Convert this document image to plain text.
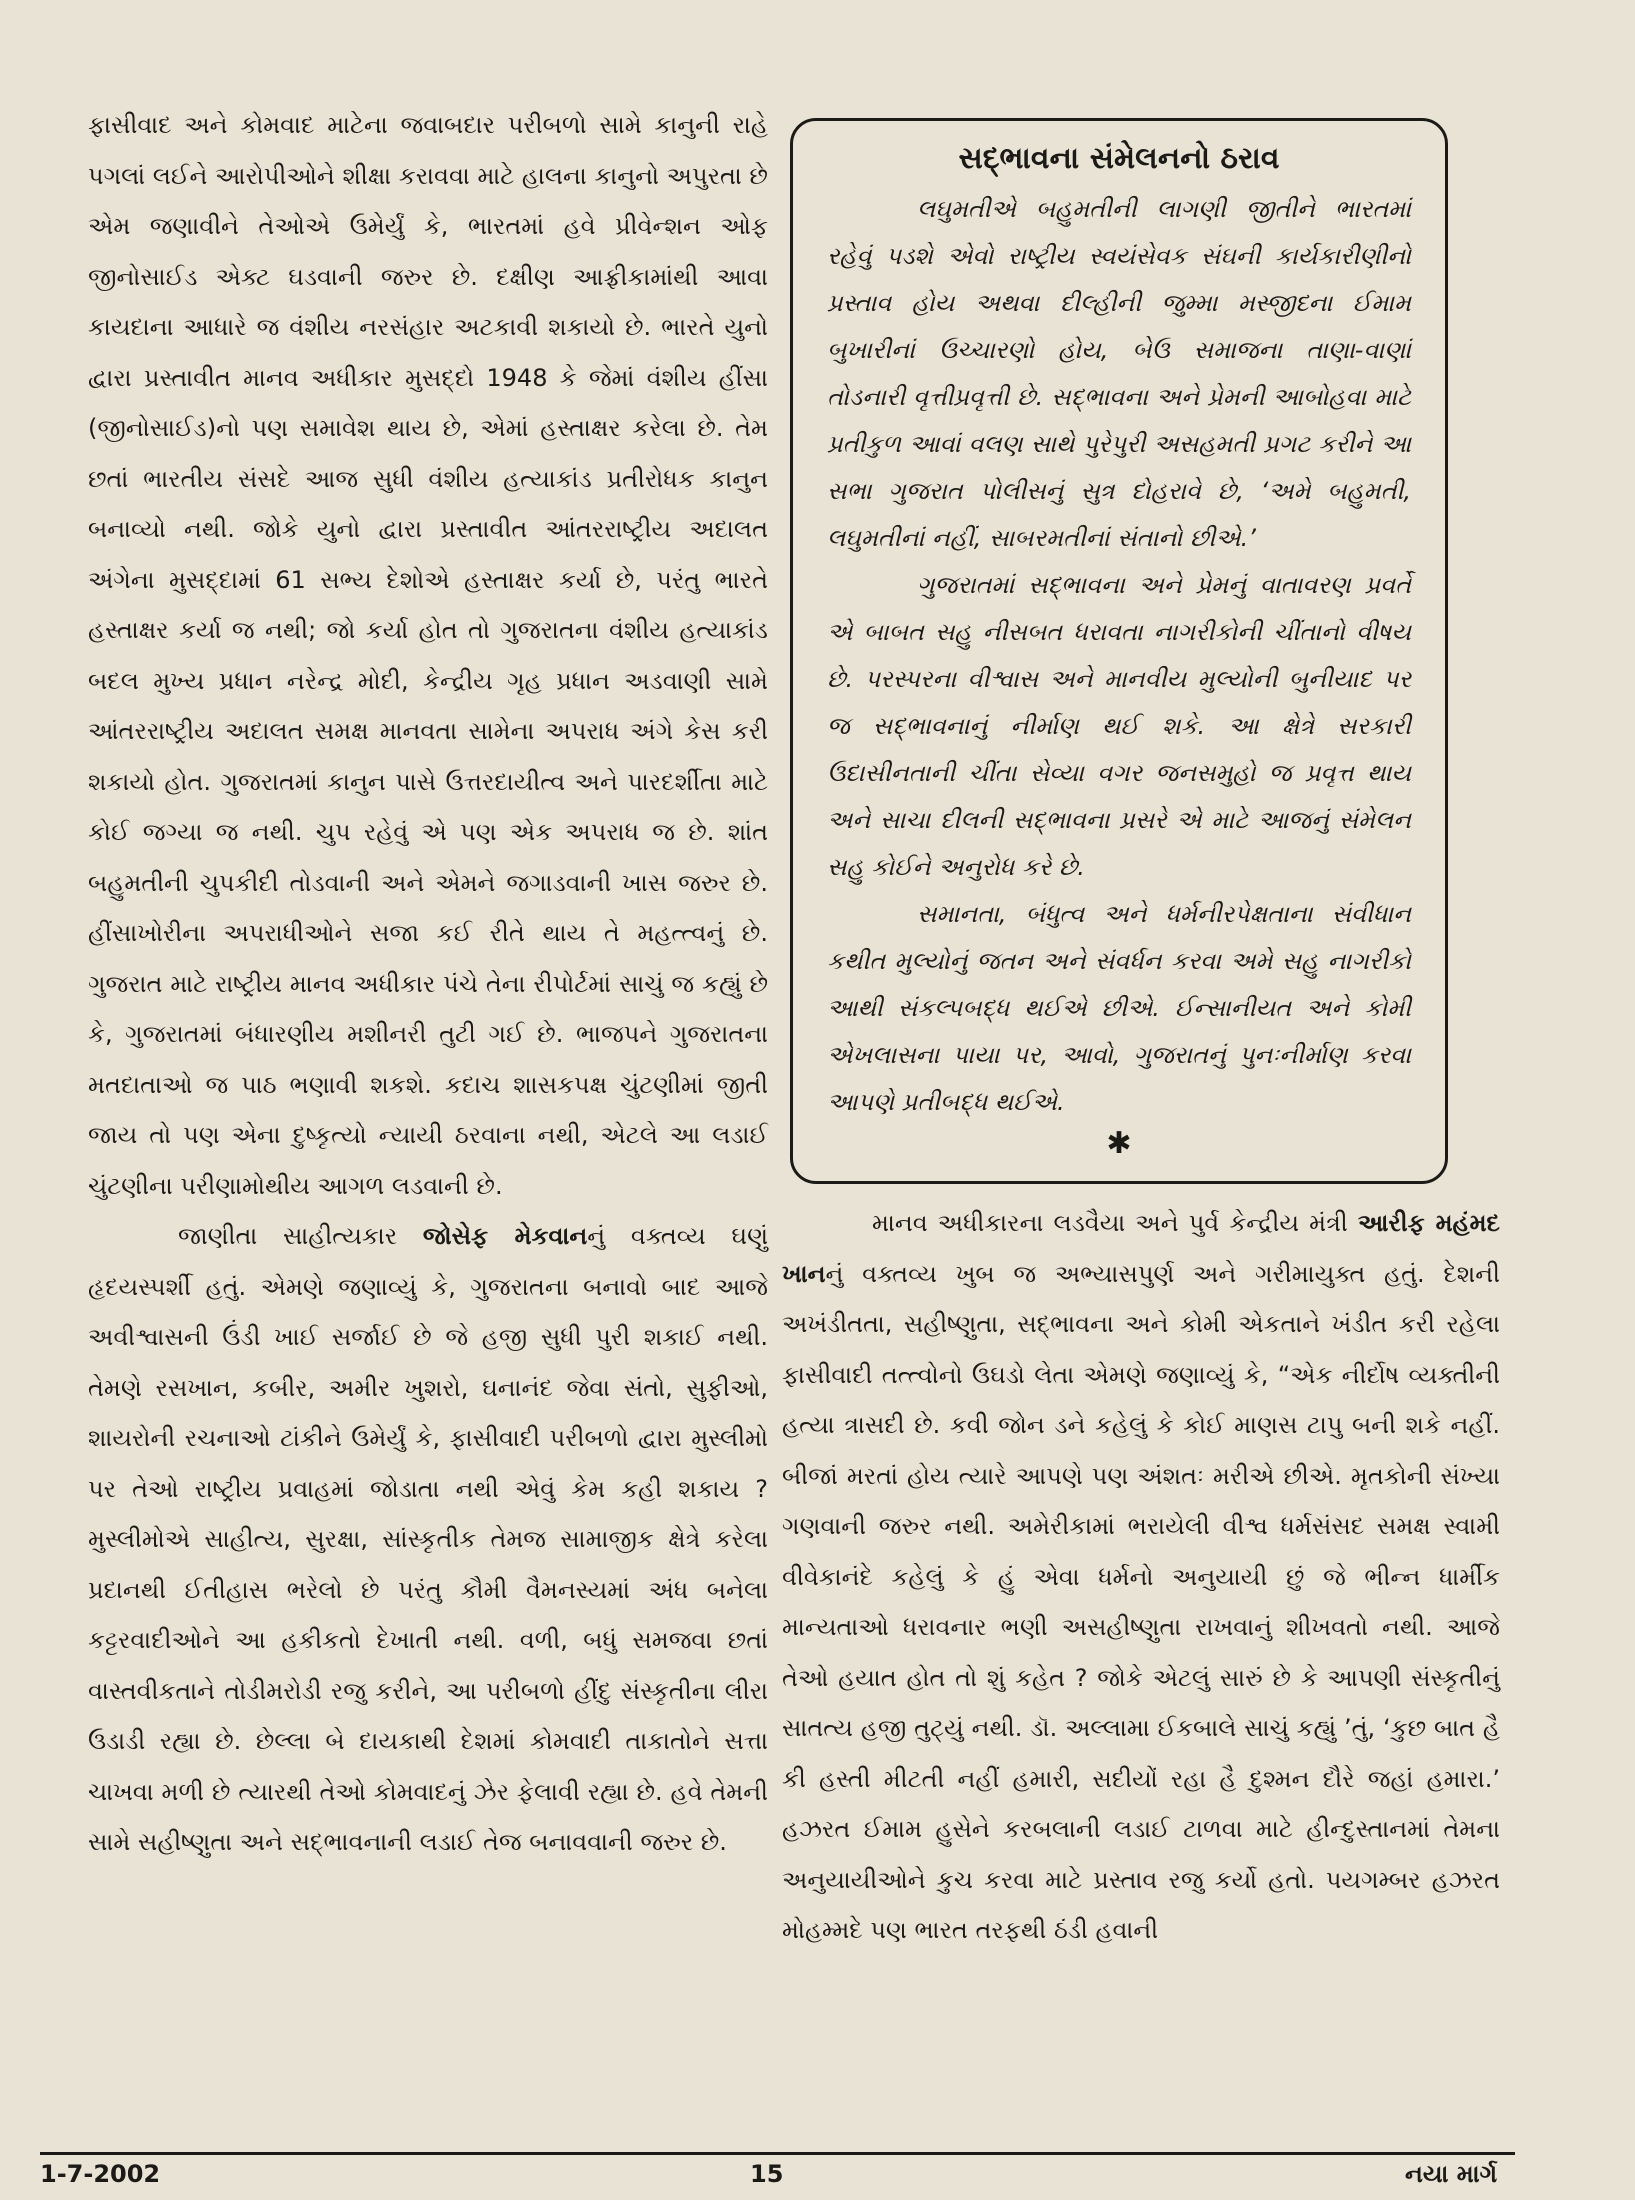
ફાસીવાદ અને કોમવાદ માટેના જવાબદાર પરીબળો સામે કાનુની રાહે પગલાં લઈને આરોપીઓને શીક્ષા કરાવવા માટે હાલના કાનુનો અપુરતા છે એમ જણાવીને તેઓએ ઉમેર્યું કે, ભારતમાં હવે પ્રીવેન્શન ઓફ જીનોસાઈડ એક્ટ ઘડવાની જરુર છે. દક્ષીણ આફ્રીકામાંથી આવા કાયદાના આધારે જ વંશીય નરસંહાર અટકાવી શકાયો છે. ભારતે યુનો દ્વારા પ્રસ્તાવીત માનવ અધીકાર મુસદ્દો 1948 કે જેમાં વંશીય હીંસા (જીનોસાઈડ)નો પણ સમાવેશ થાય છે, એમાં હસ્તાક્ષર કરેલા છે. તેમ છતાં ભારતીય સંસદે આજ સુધી વંશીય હત્યાકાંડ પ્રતીરોધક કાનુન બનાવ્યો નથી. જોકે યુનો દ્વારા પ્રસ્તાવીત આંતરરાષ્ટ્રીય અદાલત અંગેના મુસદ્દામાં 61 સભ્ય દેશોએ હસ્તાક્ષર કર્યા છે, પરંતુ ભારતે હસ્તાક્ષર કર્યા જ નથી; જો કર્યા હોત તો ગુજરાતના વંશીય હત્યાકાંડ બદલ મુખ્ય પ્રધાન નરેન્દ્ર મોદી, કેન્દ્રીય ગૃહ પ્રધાન અડવાણી સામે આંતરરાષ્ટ્રીય અદાલત સમક્ષ માનવતા સામેના અપરાધ અંગે કેસ કરી શકાયો હોત. ગુજરાતમાં કાનુન પાસે ઉત્તરદાયીત્વ અને પારદર્શીતા માટે કોઈ જગ્યા જ નથી. ચુપ રહેવું એ પણ એક અપરાધ જ છે. શાંત બહુમતીની ચુપકીદી તોડવાની અને એમને જગાડવાની ખાસ જરુર છે. હીંસાખોરીના અપરાધીઓને સજા કઈ રીતે થાય તે મહત્ત્વનું છે. ગુજરાત માટે રાષ્ટ્રીય માનવ અધીકાર પંચે તેના રીપોર્ટમાં સાચું જ કહ્યું છે કે, ગુજરાતમાં બંધારણીય મશીનરી તુટી ગઈ છે. ભાજપને ગુજરાતના મતદાતાઓ જ પાઠ ભણાવી શકશે. કદાચ શાસકપક્ષ ચુંટણીમાં જીતી જાય તો પણ એના દુષ્કૃત્યો ન્યાયી ઠરવાના નથી, એટલે આ લડાઈ ચુંટણીના પરીણામોથીય આગળ લડવાની છે.

જાણીતા સાહીત્યકાર જોસેફ મેકવાનનું વક્તવ્ય ઘણું હૃદયસ્પર્શી હતું. એમણે જણાવ્યું કે, ગુજરાતના બનાવો બાદ આજે અવીશ્વાસની ઉંડી ખાઈ સર્જાઈ છે જે હજી સુધી પુરી શકાઈ નથી. તેમણે રસખાન, કબીર, અમીર ખુશરો, ઘનાનંદ જેવા સંતો, સુફીઓ, શાયરોની રચનાઓ ટાંકીને ઉમેર્યું કે, ફાસીવાદી પરીબળો દ્વારા મુસ્લીમો પર તેઓ રાષ્ટ્રીય પ્રવાહમાં જોડાતા નથી એવું કેમ કહી શકાય ? મુસ્લીમોએ સાહીત્ય, સુરક્ષા, સાંસ્કૃતીક તેમજ સામાજીક ક્ષેત્રે કરેલા પ્રદાનથી ઈતીહાસ ભરેલો છે પરંતુ કૌમી વૈમનસ્યમાં અંધ બનેલા કટ્ટરવાદીઓને આ હકીકતો દેખાતી નથી. વળી, બધું સમજવા છતાં વાસ્તવીકતાને તોડીમરોડી રજુ કરીને, આ પરીબળો હીંદુ સંસ્કૃતીના લીરા ઉડાડી રહ્યા છે. છેલ્લા બે દાયકાથી દેશમાં કોમવાદી તાકાતોને સત્તા ચાખવા મળી છે ત્યારથી તેઓ કોમવાદનું ઝેર ફેલાવી રહ્યા છે. હવે તેમની સામે સહીષ્ણુતા અને સદ્ભાવનાની લડાઈ તેજ બનાવવાની જરુર છે.

સદ્ભાવના સંમેલનનો ઠરાવ

લઘુમતીએ બહુમતીની લાગણી જીતીને ભારતમાં રહેવું પડશે એવો રાષ્ટ્રીય સ્વયંસેવક સંઘની કાર્યકારીણીનો પ્રસ્તાવ હોય અથવા દીલ્હીની જુમ્મા મસ્જીદના ઈમામ બુખારીનાં ઉચ્ચારણો હોય, બેઉ સમાજના તાણા-વાણાં તોડનારી વૃત્તીપ્રવૃત્તી છે. સદ્ભાવના અને પ્રેમની આબોહવા માટે પ્રતીકુળ આવાં વલણ સાથે પુરેપુરી અસહમતી પ્રગટ કરીને આ સભા ગુજરાત પોલીસનું સુત્ર દોહરાવે છે, ‘અમે બહુમતી, લઘુમતીનાં નહીં, સાબરમતીનાં સંતાનો છીએ.’

ગુજરાતમાં સદ્ભાવના અને પ્રેમનું વાતાવરણ પ્રવર્તે એ બાબત સહુ નીસબત ધરાવતા નાગરીકોની ચીંતાનો વીષય છે. પરસ્પરના વીશ્વાસ અને માનવીય મુલ્યોની બુનીયાદ પર જ સદ્ભાવનાનું નીર્માણ થઈ શકે. આ ક્ષેત્રે સરકારી ઉદાસીનતાની ચીંતા સેવ્યા વગર જનસમુહો જ પ્રવૃત્ત થાય અને સાચા દીલની સદ્ભાવના પ્રસરે એ માટે આજનું સંમેલન સહુ કોઈને અનુરોધ કરે છે.

સમાનતા, બંધુત્વ અને ધર્મનીરપેક્ષતાના સંવીધાન કથીત મુલ્યોનું જતન અને સંવર્ધન કરવા અમે સહુ નાગરીકો આથી સંકલ્પબદ્ધ થઈએ છીએ. ઈન્સાનીયત અને કોમી એખલાસના પાયા પર, આવો, ગુજરાતનું પુનઃનીર્માણ કરવા આપણે પ્રતીબદ્ધ થઈએ.

✱

માનવ અધીકારના લડવૈયા અને પુર્વ કેન્દ્રીય મંત્રી આરીફ મહંમદ ખાનનું વક્તવ્ય ખુબ જ અભ્યાસપુર્ણ અને ગરીમાયુક્ત હતું. દેશની અખંડીતતા, સહીષ્ણુતા, સદ્ભાવના અને કોમી એકતાને ખંડીત કરી રહેલા ફાસીવાદી તત્ત્વોનો ઉઘડો લેતા એમણે જણાવ્યું કે, “એક નીર્દોષ વ્યક્તીની હત્યા ત્રાસદી છે. કવી જોન ડને કહેલું કે કોઈ માણસ ટાપુ બની શકે નહીં. બીજાં મરતાં હોય ત્યારે આપણે પણ અંશતઃ મરીએ છીએ. મૃતકોની સંખ્યા ગણવાની જરુર નથી. અમેરીકામાં ભરાયેલી વીશ્વ ધર્મસંસદ સમક્ષ સ્વામી વીવેકાનંદે કહેલું કે હું એવા ધર્મનો અનુયાયી છું જે ભીન્ન ધાર્મીક માન્યતાઓ ધરાવનાર ભણી અસહીષ્ણુતા રાખવાનું શીખવતો નથી. આજે તેઓ હયાત હોત તો શું કહેત ? જોકે એટલું સારું છે કે આપણી સંસ્કૃતીનું સાતત્ય હજી તુટ્યું નથી. ડૉ. અલ્લામા ઈકબાલે સાચું કહ્યું ’તું, ‘કુછ બાત હૈ કી હસ્તી મીટતી નહીં હમારી, સદીયોં રહા હૈ દુશ્મન દૌરે જહાં હમારા.’ હઝરત ઈમામ હુસેને કરબલાની લડાઈ ટાળવા માટે હીન્દુસ્તાનમાં તેમના અનુયાયીઓને કુચ કરવા માટે પ્રસ્તાવ રજુ કર્યો હતો. પયગમ્બર હઝરત મોહમ્મદે પણ ભારત તરફથી ઠંડી હવાની

1-7-2002	15	નયા માર્ગ
